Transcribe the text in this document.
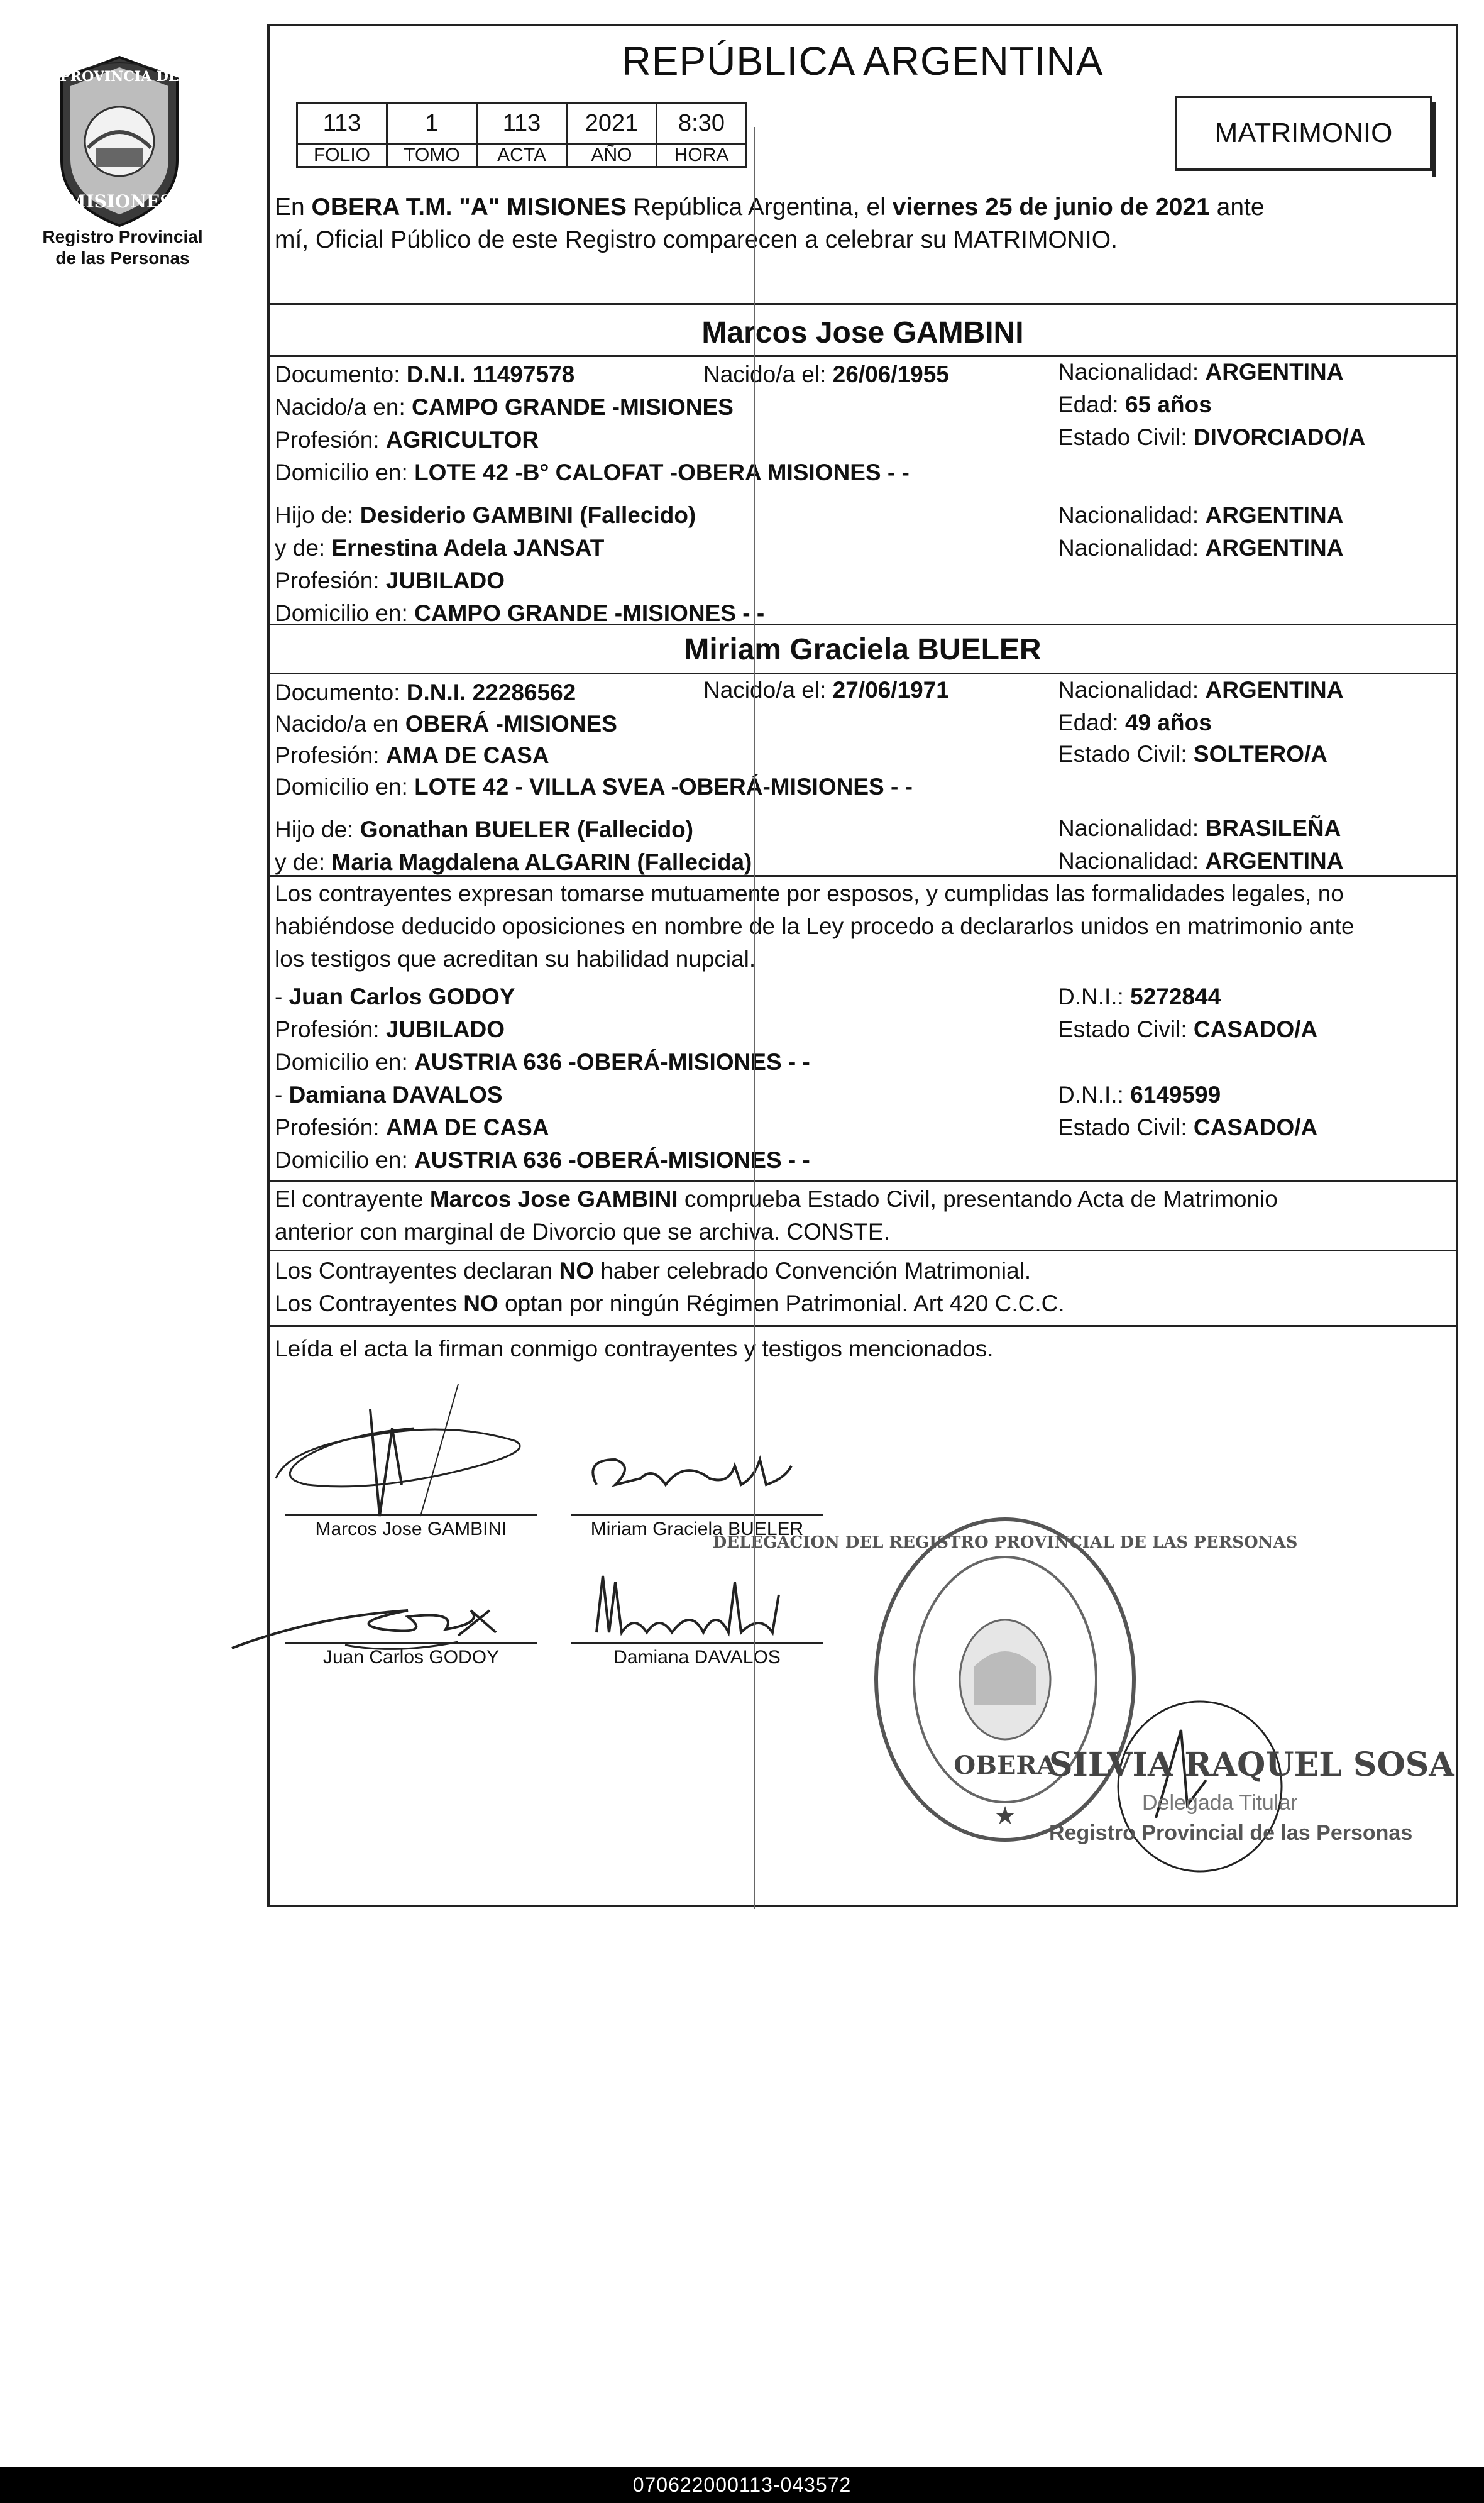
PROVINCIA DE
MISIONES
Registro Provincial
de las Personas
REPÚBLICA ARGENTINA
113	1	113	2021	8:30
FOLIO	TOMO	ACTA	AÑO	HORA
MATRIMONIO
En OBERA T.M. "A" MISIONES República Argentina, el viernes 25 de junio de 2021 ante
mí, Oficial Público de este Registro comparecen a celebrar su MATRIMONIO.
Marcos Jose GAMBINI
Documento: D.N.I. 11497578	Nacido/a el: 26/06/1955	Nacionalidad: ARGENTINA
Nacido/a en: CAMPO GRANDE -MISIONES	Edad: 65 años
Profesión: AGRICULTOR	Estado Civil: DIVORCIADO/A
Domicilio en: LOTE 42 -B° CALOFAT -OBERA MISIONES - -
Hijo de: Desiderio GAMBINI (Fallecido)	Nacionalidad: ARGENTINA
y de: Ernestina Adela JANSAT	Nacionalidad: ARGENTINA
Profesión: JUBILADO
Domicilio en: CAMPO GRANDE -MISIONES - -
Miriam Graciela BUELER
Documento: D.N.I. 22286562	Nacido/a el: 27/06/1971	Nacionalidad: ARGENTINA
Nacido/a en OBERÁ -MISIONES	Edad: 49 años
Profesión: AMA DE CASA	Estado Civil: SOLTERO/A
Domicilio en: LOTE 42 - VILLA SVEA -OBERÁ-MISIONES - -
Hijo de: Gonathan BUELER (Fallecido)	Nacionalidad: BRASILEÑA
y de: Maria Magdalena ALGARIN (Fallecida)	Nacionalidad: ARGENTINA
Los contrayentes expresan tomarse mutuamente por esposos, y cumplidas las formalidades legales, no
habiéndose deducido oposiciones en nombre de la Ley procedo a declararlos unidos en matrimonio ante
los testigos que acreditan su habilidad nupcial.
- Juan Carlos GODOY	D.N.I.: 5272844
Profesión: JUBILADO	Estado Civil: CASADO/A
Domicilio en: AUSTRIA 636 -OBERÁ-MISIONES - -
- Damiana DAVALOS	D.N.I.: 6149599
Profesión: AMA DE CASA	Estado Civil: CASADO/A
Domicilio en: AUSTRIA 636 -OBERÁ-MISIONES - -
El contrayente Marcos Jose GAMBINI comprueba Estado Civil, presentando Acta de Matrimonio
anterior con marginal de Divorcio que se archiva. CONSTE.
Los Contrayentes declaran NO haber celebrado Convención Matrimonial.
Los Contrayentes NO optan por ningún Régimen Patrimonial. Art 420 C.C.C.
Leída el acta la firman conmigo contrayentes y testigos mencionados.
Marcos Jose GAMBINI	Miriam Graciela BUELER
Juan Carlos GODOY	Damiana DAVALOS
OBERA
★
DELEGACION DEL REGISTRO PROVINCIAL DE LAS PERSONAS
SILVIA RAQUEL SOSA
Delegada Titular
Registro Provincial de las Personas
070622000113-043572
